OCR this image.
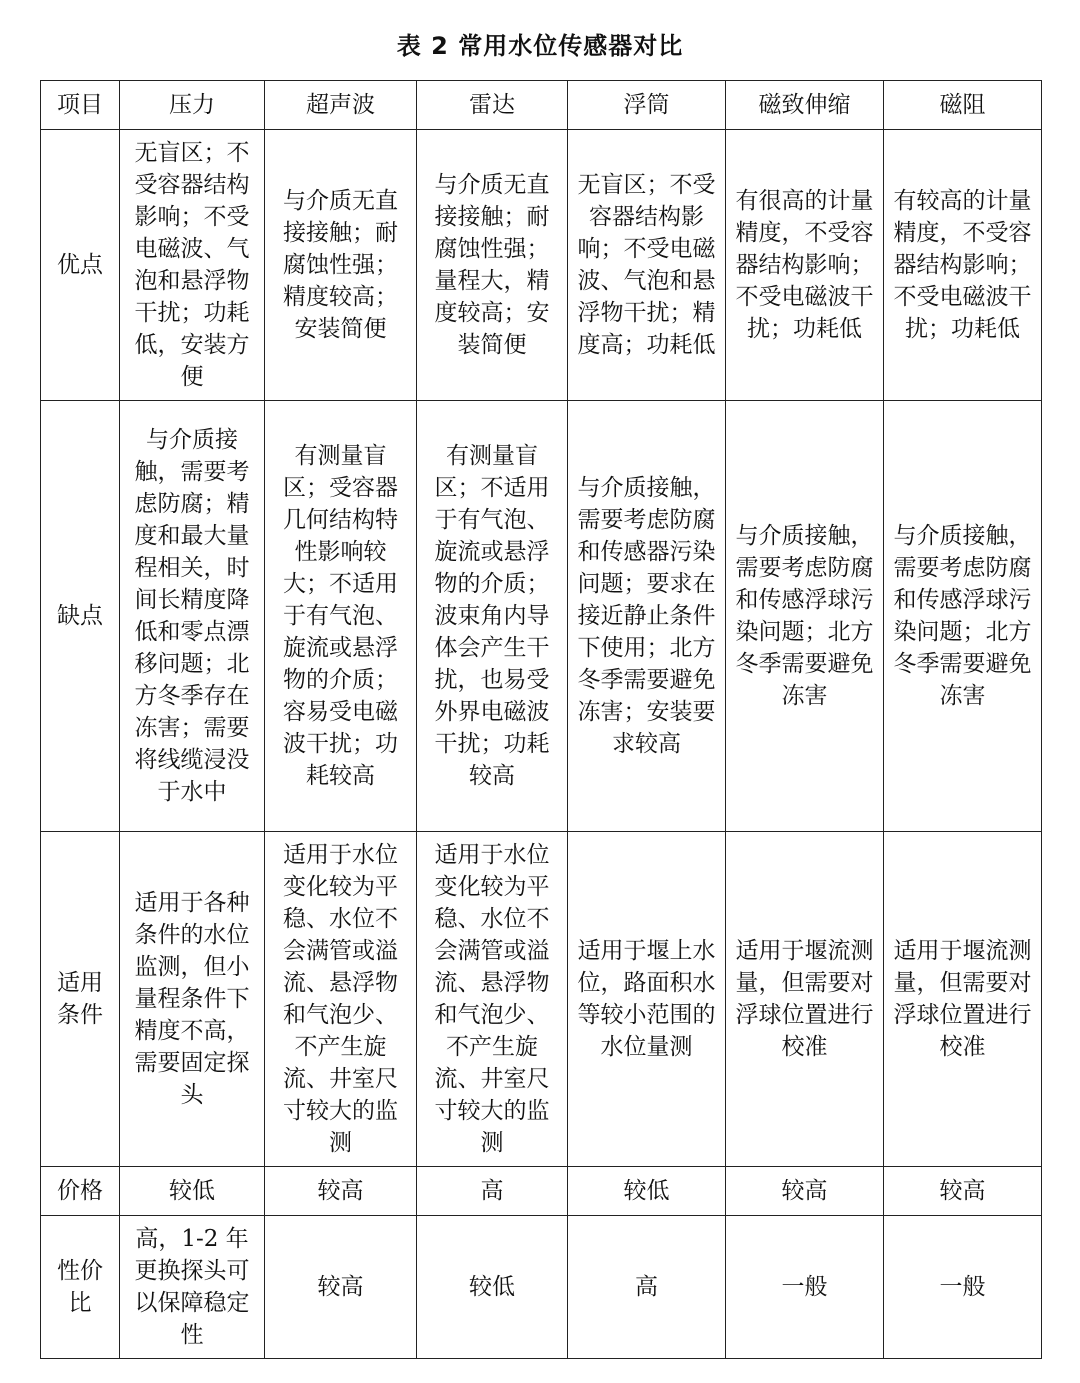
表 2 常用水位传感器对比
项目	压力	超声波	雷达	浮筒	磁致伸缩	磁阻
优点	无盲区；不受容器结构影响；不受电磁波、气泡和悬浮物干扰；功耗低，安装方便	与介质无直接接触；耐腐蚀性强；精度较高；安装简便	与介质无直接接触；耐腐蚀性强；量程大，精度较高；安装简便	无盲区；不受容器结构影响；不受电磁波、气泡和悬浮物干扰；精度高；功耗低	有很高的计量精度，不受容器结构影响；不受电磁波干扰；功耗低	有较高的计量精度，不受容器结构影响；不受电磁波干扰；功耗低
缺点	与介质接触，需要考虑防腐；精度和最大量程相关，时间长精度降低和零点漂移问题；北方冬季存在冻害；需要将线缆浸没于水中	有测量盲区；受容器几何结构特性影响较大；不适用于有气泡、旋流或悬浮物的介质；容易受电磁波干扰；功耗较高	有测量盲区；不适用于有气泡、旋流或悬浮物的介质；波束角内导体会产生干扰，也易受外界电磁波干扰；功耗较高	与介质接触，需要考虑防腐和传感器污染问题；要求在接近静止条件下使用；北方冬季需要避免冻害；安装要求较高	与介质接触，需要考虑防腐和传感浮球污染问题；北方冬季需要避免冻害	与介质接触，需要考虑防腐和传感浮球污染问题；北方冬季需要避免冻害
适用条件	适用于各种条件的水位监测，但小量程条件下精度不高，需要固定探头	适用于水位变化较为平稳、水位不会满管或溢流、悬浮物和气泡少、不产生旋流、井室尺寸较大的监测	适用于水位变化较为平稳、水位不会满管或溢流、悬浮物和气泡少、不产生旋流、井室尺寸较大的监测	适用于堰上水位，路面积水等较小范围的水位量测	适用于堰流测量，但需要对浮球位置进行校准	适用于堰流测量，但需要对浮球位置进行校准
价格	较低	较高	高	较低	较高	较高
性价比	高，1-2 年更换探头可以保障稳定性	较高	较低	高	一般	一般
